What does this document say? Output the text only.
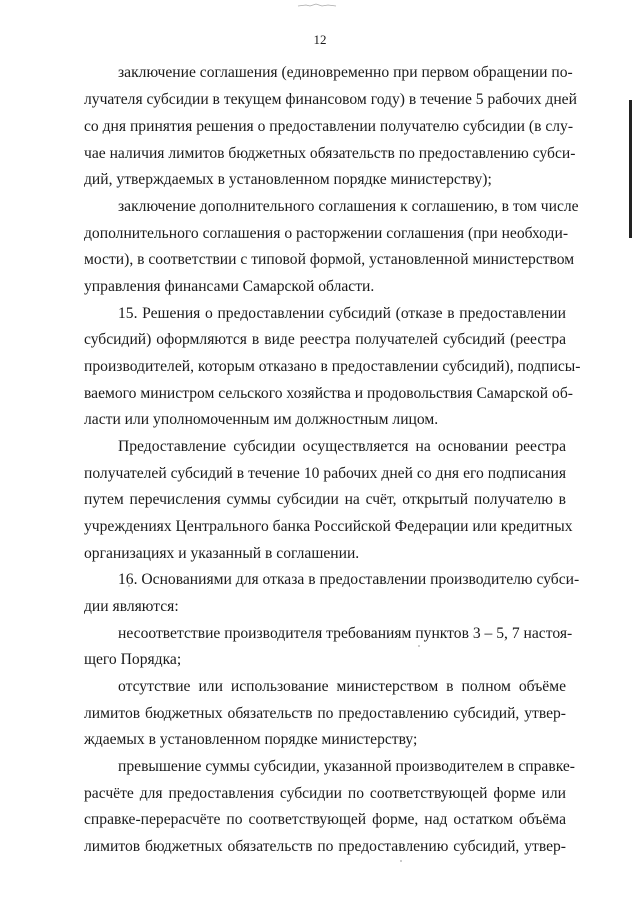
12
заключение соглашения (единовременно при первом обращении по-
лучателя субсидии в текущем финансовом году) в течение 5 рабочих дней
со дня принятия решения о предоставлении получателю субсидии (в слу-
чае наличия лимитов бюджетных обязательств по предоставлению субси-
дий, утверждаемых в установленном порядке министерству);
заключение дополнительного соглашения к соглашению, в том числе
дополнительного соглашения о расторжении соглашения (при необходи-
мости), в соответствии с типовой формой, установленной министерством
управления финансами Самарской области.
15. Решения о предоставлении субсидий (отказе в предоставлении
субсидий) оформляются в виде реестра получателей субсидий (реестра
производителей, которым отказано в предоставлении субсидий), подписы-
ваемого министром сельского хозяйства и продовольствия Самарской об-
ласти или уполномоченным им должностным лицом.
Предоставление субсидии осуществляется на основании реестра
получателей субсидий в течение 10 рабочих дней со дня его подписания
путем перечисления суммы субсидии на счёт, открытый получателю в
учреждениях Центрального банка Российской Федерации или кредитных
организациях и указанный в соглашении.
16. Основаниями для отказа в предоставлении производителю субси-
дии являются:
несоответствие производителя требованиям пунктов 3 – 5, 7 настоя-
щего Порядка;
отсутствие или использование министерством в полном объёме
лимитов бюджетных обязательств по предоставлению субсидий, утвер-
ждаемых в установленном порядке министерству;
превышение суммы субсидии, указанной производителем в справке-
расчёте для предоставления субсидии по соответствующей форме или
справке-перерасчёте по соответствующей форме, над остатком объёма
лимитов бюджетных обязательств по предоставлению субсидий, утвер-
